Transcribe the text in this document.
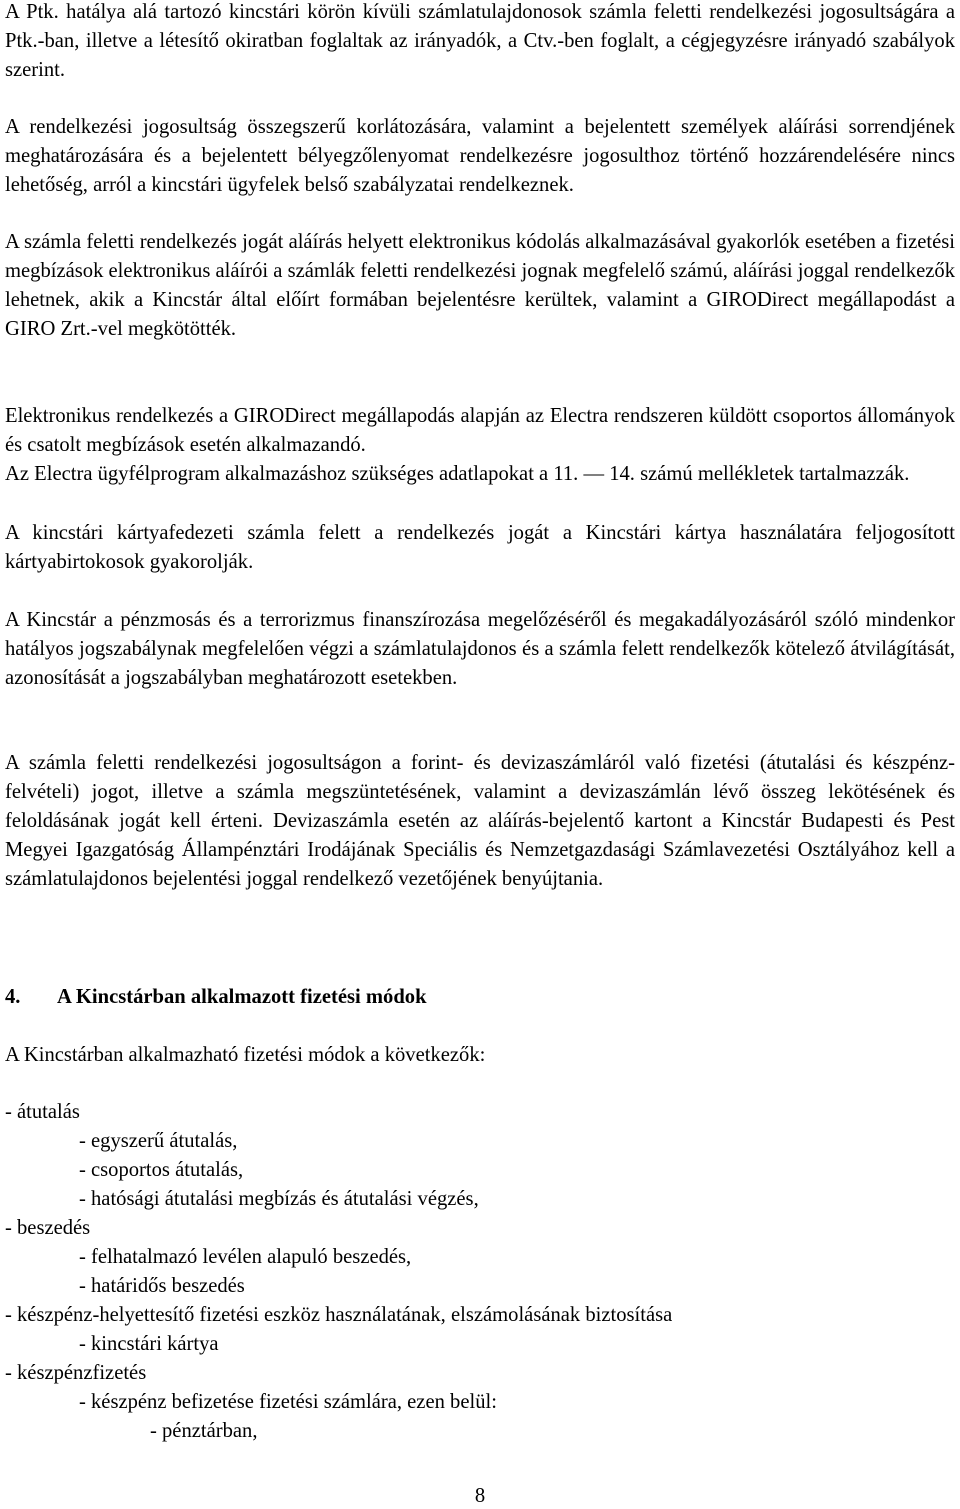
A Ptk. hatálya alá tartozó kincstári körön kívüli számlatulajdonosok számla feletti rendelkezési jogosultságára a Ptk.-ban, illetve a létesítő okiratban foglaltak az irányadók, a Ctv.-ben foglalt, a cégjegyzésre irányadó szabályok szerint.

A rendelkezési jogosultság összegszerű korlátozására, valamint a bejelentett személyek aláírási sorrendjének meghatározására és a bejelentett bélyegzőlenyomat rendelkezésre jogosulthoz történő hozzárendelésére nincs lehetőség, arról a kincstári ügyfelek belső szabályzatai rendelkeznek.

A számla feletti rendelkezés jogát aláírás helyett elektronikus kódolás alkalmazásával gyakorlók esetében a fizetési megbízások elektronikus aláírói a számlák feletti rendelkezési jognak megfelelő számú, aláírási joggal rendelkezők lehetnek, akik a Kincstár által előírt formában bejelentésre kerültek, valamint a GIRODirect megállapodást a GIRO Zrt.-vel megkötötték.

Elektronikus rendelkezés a GIRODirect megállapodás alapján az Electra rendszeren küldött csoportos állományok és csatolt megbízások esetén alkalmazandó.

Az Electra ügyfélprogram alkalmazáshoz szükséges adatlapokat a 11. — 14. számú mellékletek tartalmazzák.

A kincstári kártyafedezeti számla felett a rendelkezés jogát a Kincstári kártya használatára feljogosított kártyabirtokosok gyakorolják.

A Kincstár a pénzmosás és a terrorizmus finanszírozása megelőzéséről és megakadályozásáról szóló mindenkor hatályos jogszabálynak megfelelően végzi a számlatulajdonos és a számla felett rendelkezők kötelező átvilágítását, azonosítását a jogszabályban meghatározott esetekben.

A számla feletti rendelkezési jogosultságon a forint- és devizaszámláról való fizetési (átutalási és készpénz-felvételi) jogot, illetve a számla megszüntetésének, valamint a devizaszámlán lévő összeg lekötésének és feloldásának jogát kell érteni. Devizaszámla esetén az aláírás-bejelentő kartont a Kincstár Budapesti és Pest Megyei Igazgatóság Állampénztári Irodájának Speciális és Nemzetgazdasági Számlavezetési Osztályához kell a számlatulajdonos bejelentési joggal rendelkező vezetőjének benyújtania.

4. A Kincstárban alkalmazott fizetési módok

A Kincstárban alkalmazható fizetési módok a következők:

- átutalás
- egyszerű átutalás,
- csoportos átutalás,
- hatósági átutalási megbízás és átutalási végzés,
- beszedés
- felhatalmazó levélen alapuló beszedés,
- határidős beszedés
- készpénz-helyettesítő fizetési eszköz használatának, elszámolásának biztosítása
- kincstári kártya
- készpénzfizetés
- készpénz befizetése fizetési számlára, ezen belül:
- pénztárban,
8
